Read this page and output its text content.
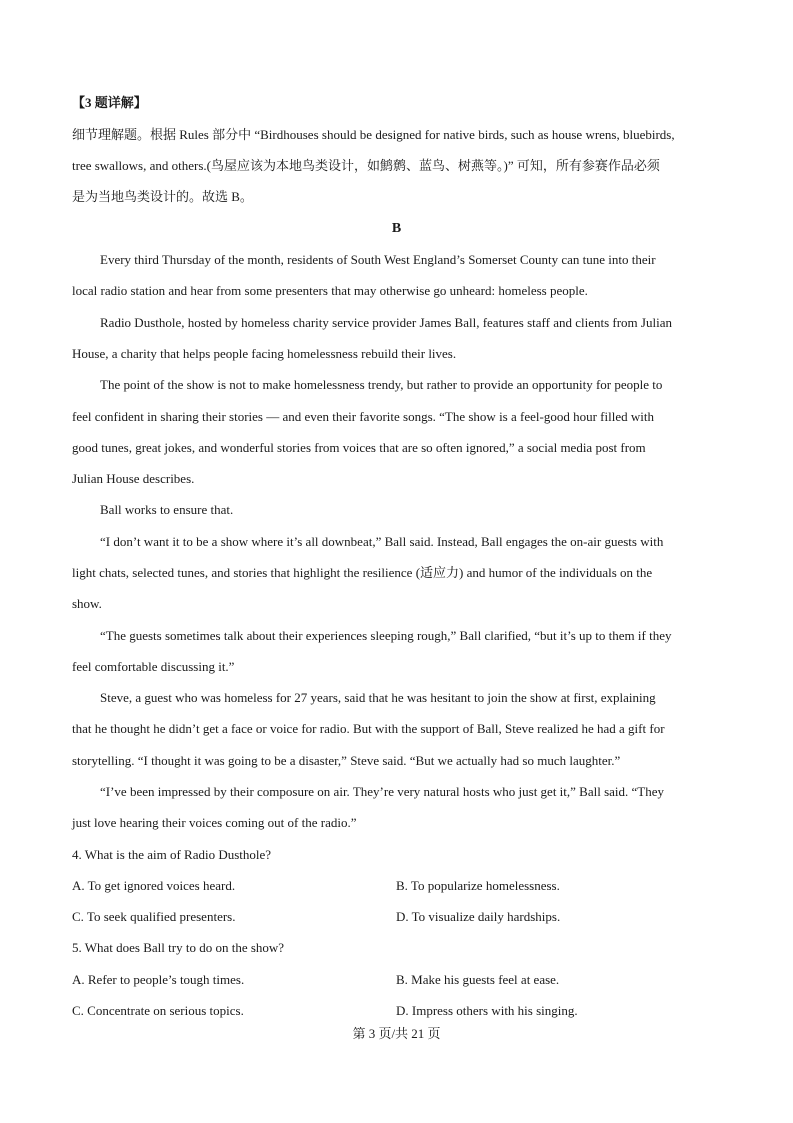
【3 题详解】
细节理解题。根据 Rules 部分中 “Birdhouses should be designed for native birds, such as house wrens, bluebirds,
tree swallows, and others.(鸟屋应该为本地鸟类设计，如鹪鹩、蓝鸟、树燕等。)” 可知，所有参赛作品必须
是为当地鸟类设计的。故选 B。
B
Every third Thursday of the month, residents of South West England’s Somerset County can tune into their
local radio station and hear from some presenters that may otherwise go unheard: homeless people.
Radio Dusthole, hosted by homeless charity service provider James Ball, features staff and clients from Julian
House, a charity that helps people facing homelessness rebuild their lives.
The point of the show is not to make homelessness trendy, but rather to provide an opportunity for people to
feel confident in sharing their stories — and even their favorite songs. “The show is a feel-good hour filled with
good tunes, great jokes, and wonderful stories from voices that are so often ignored,” a social media post from
Julian House describes.
Ball works to ensure that.
“I don’t want it to be a show where it’s all downbeat,” Ball said. Instead, Ball engages the on-air guests with
light chats, selected tunes, and stories that highlight the resilience (适应力) and humor of the individuals on the
show.
“The guests sometimes talk about their experiences sleeping rough,” Ball clarified, “but it’s up to them if they
feel comfortable discussing it.”
Steve, a guest who was homeless for 27 years, said that he was hesitant to join the show at first, explaining
that he thought he didn’t get a face or voice for radio. But with the support of Ball, Steve realized he had a gift for
storytelling. “I thought it was going to be a disaster,” Steve said. “But we actually had so much laughter.”
“I’ve been impressed by their composure on air. They’re very natural hosts who just get it,” Ball said. “They
just love hearing their voices coming out of the radio.”
4. What is the aim of Radio Dusthole?
A. To get ignored voices heard.	B. To popularize homelessness.
C. To seek qualified presenters.	D. To visualize daily hardships.
5. What does Ball try to do on the show?
A. Refer to people’s tough times.	B. Make his guests feel at ease.
C. Concentrate on serious topics.	D. Impress others with his singing.
第 3 页/共 21 页
